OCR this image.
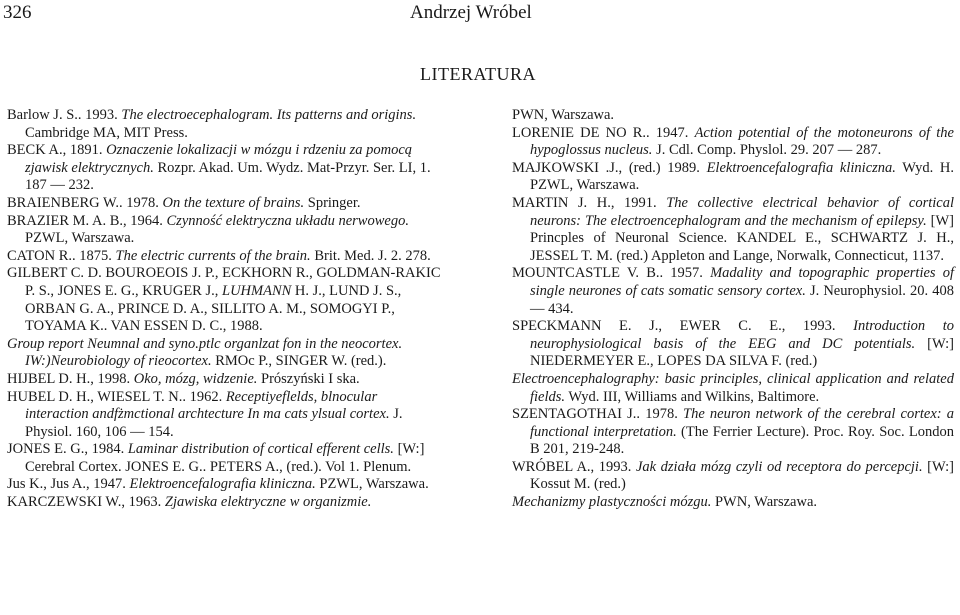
326	Andrzej Wróbel
LITERATURA
Barlow J. S.. 1993. The electroecephalogram. Its patterns and origins. Cambridge MA, MIT Press.
BECK A., 1891. Oznaczenie lokalizacji w mózgu i rdzeniu za pomocą zjawisk elektrycznych. Rozpr. Akad. Um. Wydz. Mat-Przyr. Ser. LI, 1. 187 — 232.
BRAIENBERG W.. 1978. On the texture of brains. Springer.
BRAZIER M. A. B., 1964. Czynność elektryczna układu nerwowego. PZWL, Warszawa.
CATON R.. 1875. The electric currents of the brain. Brit. Med. J. 2. 278.
GILBERT C. D. BOUROEOIS J. P., ECKHORN R., GOLDMAN-RAKIC P. S., JONES E. G., KRUGER J., LUHMANN H. J., LUND J. S., ORBAN G. A., PRINCE D. A., SILLITO A. M., SOMOGYI P., TOYAMA K.. VAN ESSEN D. C., 1988.
Group report Neumnal and syno.ptlc organlzat fon in the neocortex. IW:)Neurobiology of rieocortex. RMOc P., SINGER W. (red.).
HIJBEL D. H., 1998. Oko, mózg, widzenie. Prószyński I ska.
HUBEL D. H., WIESEL T. N.. 1962. Receptiyeflelds, blnocular interaction andfżmctional archtecture In ma cats ylsual cortex. J. Physiol. 160, 106 — 154.
JONES E. G., 1984. Laminar distribution of cortical efferent cells. [W:] Cerebral Cortex. JONES E. G.. PETERS A., (red.). Vol 1. Plenum.
Jus K., Jus A., 1947. Elektroencefalografia kliniczna. PZWL, Warszawa.
KARCZEWSKI W., 1963. Zjawiska elektryczne w organizmie.
PWN, Warszawa.
LORENIE DE NO R.. 1947. Action potential of the motoneurons of the hypoglossus nucleus. J. Cdl. Comp. Physlol. 29. 207 — 287.
MAJKOWSKI .J., (red.) 1989. Elektroencefalografia kliniczna. Wyd. H. PZWL, Warszawa.
MARTIN J. H., 1991. The collective electrical behavior of cortical neurons: The electroencephalogram and the mechanism of epilepsy. [W] Princples of Neuronal Science. KANDEL E., SCHWARTZ J. H., JESSEL T. M. (red.) Appleton and Lange, Norwalk, Connecticut, 1137.
MOUNTCASTLE V. B.. 1957. Madality and topographic properties of single neurones of cats somatic sensory cortex. J. Neurophysiol. 20. 408 — 434.
SPECKMANN E. J., EWER C. E., 1993. Introduction to neurophysiological basis of the EEG and DC potentials. [W:] NIEDERMEYER E., LOPES DA SILVA F. (red.)
Electroencephalography: basic principles, clinical application and related fields. Wyd. III, Williams and Wilkins, Baltimore.
SZENTAGOTHAI J.. 1978. The neuron network of the cerebral cortex: a functional interpretation. (The Ferrier Lecture). Proc. Roy. Soc. London B 201, 219-248.
WRÓBEL A., 1993. Jak działa mózg czyli od receptora do percepcji. [W:] Kossut M. (red.)
Mechanizmy plastyczności mózgu. PWN, Warszawa.
